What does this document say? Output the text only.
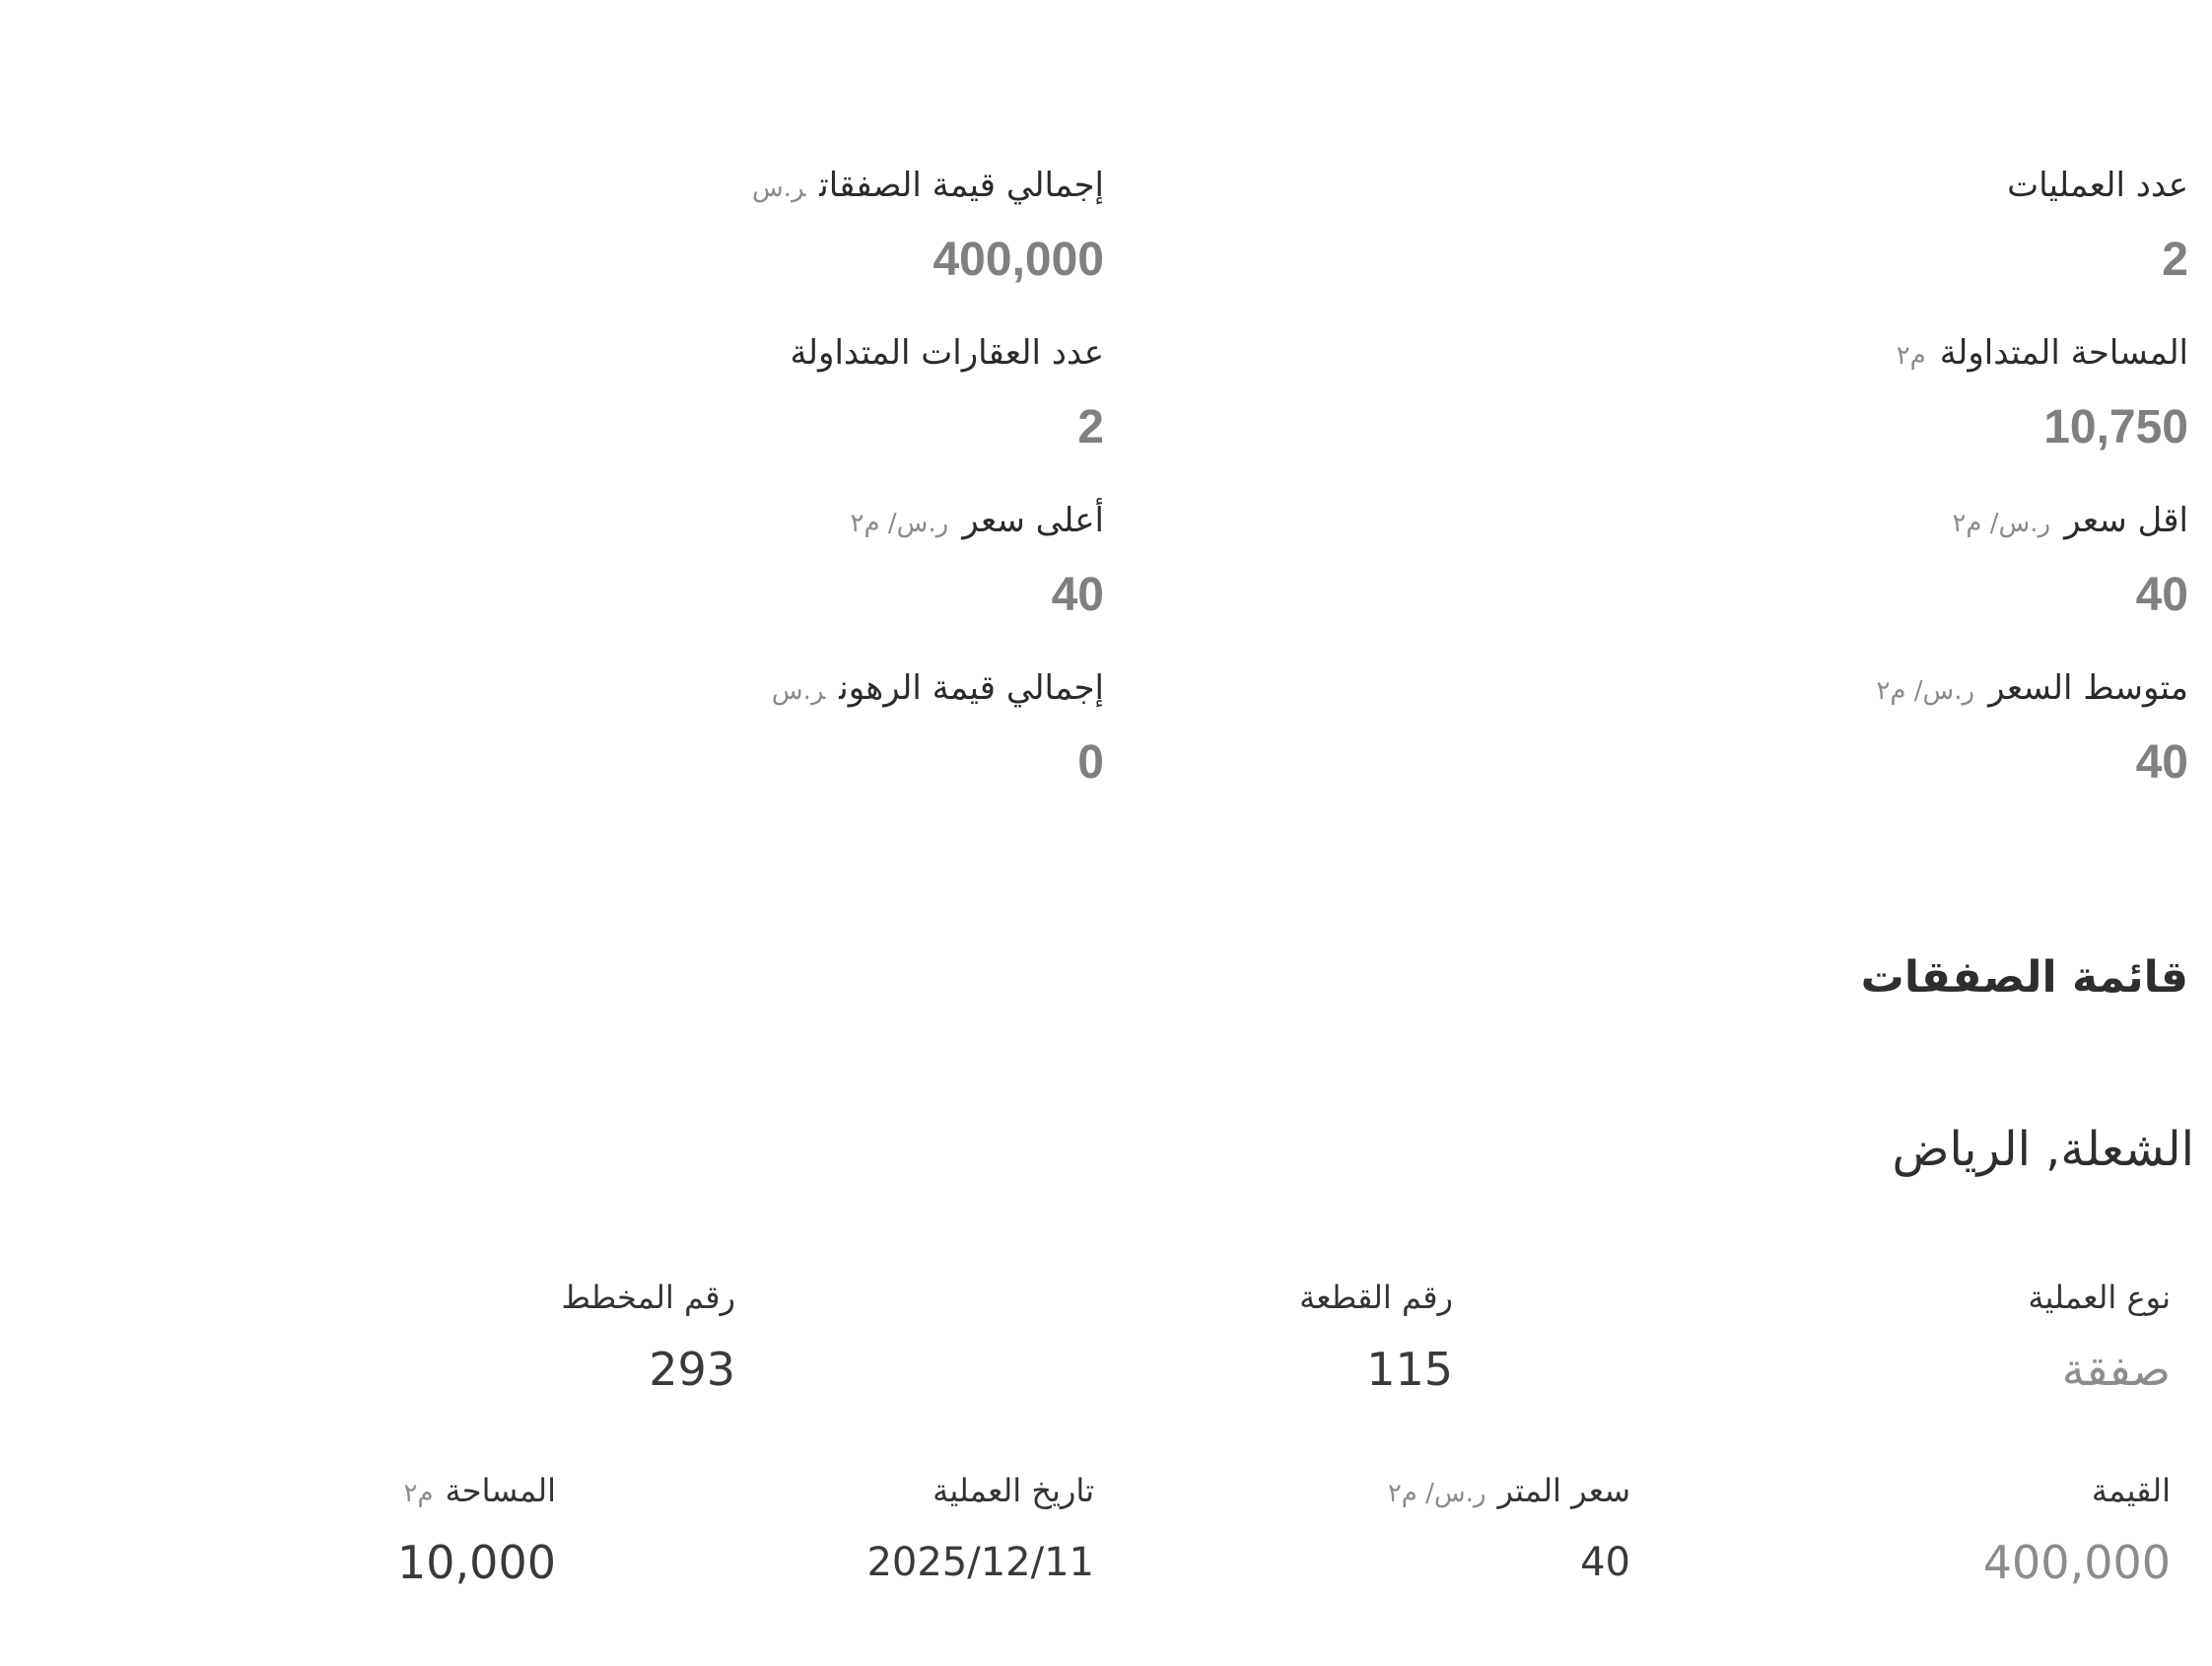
عدد العمليات
2
المساحة المتداولةم٢
10,750
اقل سعرر.س/ م٢
40
متوسط السعرر.س/ م٢
40
إجمالي قيمة الصفقاتر.س
400,000
عدد العقارات المتداولة
2
أعلى سعرر.س/ م٢
40
إجمالي قيمة الرهونر.س
0
قائمة الصفقات
الشعلة, الرياض
نوع العملية
صفقة
رقم القطعة
115
رقم المخطط
293
القيمة
400,000
سعر المترر.س/ م٢
40
تاريخ العملية
2025/12/11
المساحةم٢
10,000
